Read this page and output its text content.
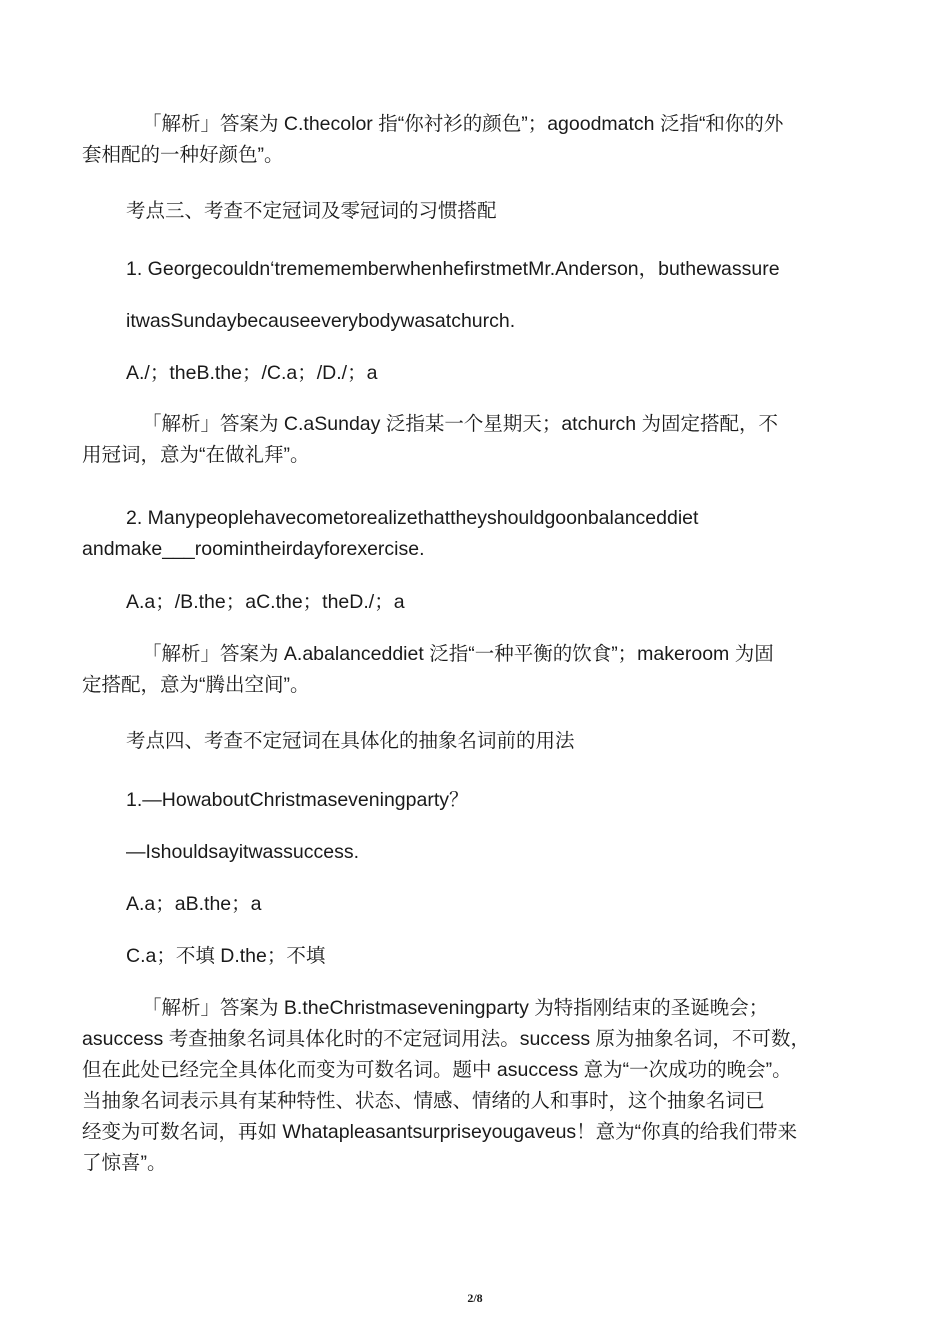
「解析」答案为 C.thecolor 指“你衬衫的颜色”；agoodmatch 泛指“和你的外
套相配的一种好颜色”。
考点三、考查不定冠词及零冠词的习惯搭配
1. Georgecouldn‘tremememberwhenhefirstmetMr.Anderson，buthewassure
itwasSundaybecauseeverybodywasatchurch.
A./；theB.the；/C.a；/D./；a
「解析」答案为 C.aSunday 泛指某一个星期天；atchurch 为固定搭配，不
用冠词，意为“在做礼拜”。
2. Manypeoplehavecometorealizethattheyshouldgoonbalanceddiet
andmake___roomintheirdayforexercise.
A.a；/B.the；aC.the；theD./；a
「解析」答案为 A.abalanceddiet 泛指“一种平衡的饮食”；makeroom 为固
定搭配，意为“腾出空间”。
考点四、考查不定冠词在具体化的抽象名词前的用法
1.—HowaboutChristmaseveningparty？
—Ishouldsayitwassuccess.
A.a；aB.the；a
C.a；不填 D.the；不填
「解析」答案为 B.theChristmaseveningparty 为特指刚结束的圣诞晚会；
asuccess 考查抽象名词具体化时的不定冠词用法。success 原为抽象名词，不可数，
但在此处已经完全具体化而变为可数名词。题中 asuccess 意为“一次成功的晚会”。
当抽象名词表示具有某种特性、状态、情感、情绪的人和事时，这个抽象名词已
经变为可数名词，再如 Whatapleasantsurpriseyougaveus！意为“你真的给我们带来
了惊喜”。
2/8
